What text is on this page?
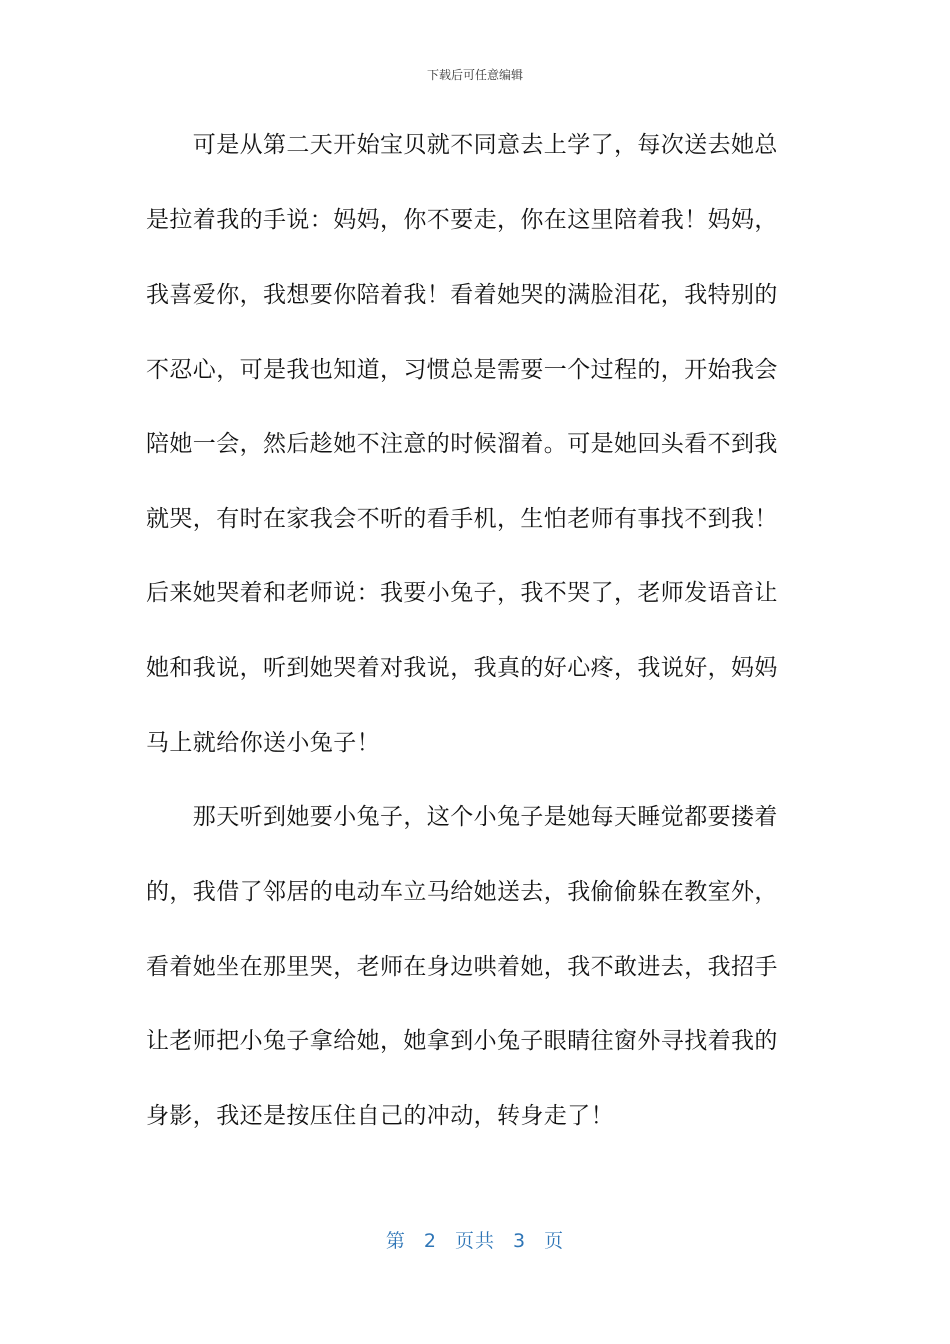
下载后可任意编辑
　　可是从第二天开始宝贝就不同意去上学了，每次送去她总
是拉着我的手说：妈妈，你不要走，你在这里陪着我！妈妈，
我喜爱你，我想要你陪着我！看着她哭的满脸泪花，我特别的
不忍心，可是我也知道，习惯总是需要一个过程的，开始我会
陪她一会，然后趁她不注意的时候溜着。可是她回头看不到我
就哭，有时在家我会不听的看手机，生怕老师有事找不到我！
后来她哭着和老师说：我要小兔子，我不哭了，老师发语音让
她和我说，听到她哭着对我说，我真的好心疼，我说好，妈妈
马上就给你送小兔子！
　　那天听到她要小兔子，这个小兔子是她每天睡觉都要搂着
的，我借了邻居的电动车立马给她送去，我偷偷躲在教室外，
看着她坐在那里哭，老师在身边哄着她，我不敢进去，我招手
让老师把小兔子拿给她，她拿到小兔子眼睛往窗外寻找着我的
身影，我还是按压住自己的冲动，转身走了！
第 2 页共 3 页
